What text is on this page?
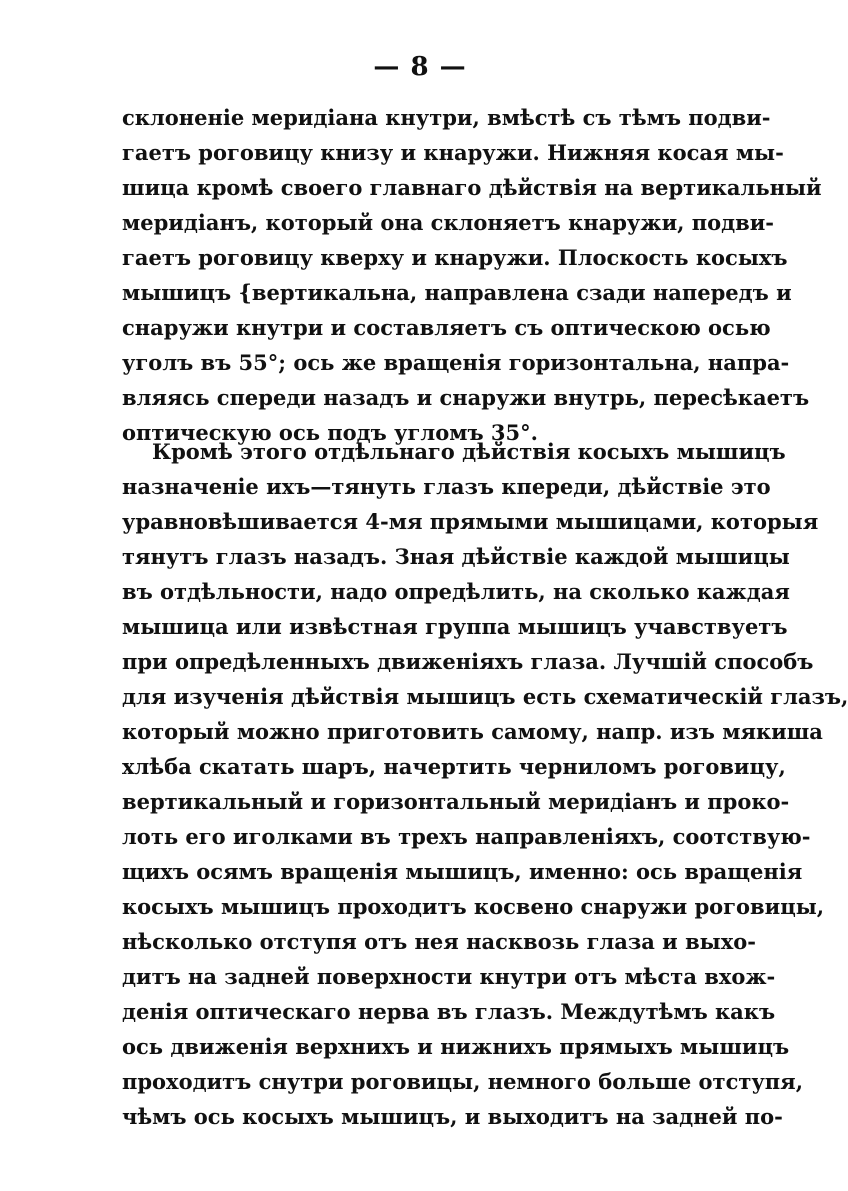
— 8 —
склоненіе меридіана кнутри, вмѣстѣ съ тѣмъ подви-
гаетъ роговицу книзу и кнаружи. Нижняя косая мы-
шица кромѣ своего главнаго дѣйствія на вертикальный
меридіанъ, который она склоняетъ кнаружи, подви-
гаетъ роговицу кверху и кнаружи. Плоскость косыхъ
мышицъ {вертикальна, направлена сзади напередъ и
снаружи кнутри и составляетъ съ оптическою осью
уголъ въ 55°; ось же вращенія горизонтальна, напра-
вляясь спереди назадъ и снаружи внутрь, пересѣкаетъ
оптическую ось подъ угломъ 35°.
Кромѣ этого отдѣльнаго дѣйствія косыхъ мышицъ
назначеніе ихъ—тянуть глазъ кпереди, дѣйствіе это
уравновѣшивается 4-мя прямыми мышицами, которыя
тянутъ глазъ назадъ. Зная дѣйствіе каждой мышицы
въ отдѣльности, надо опредѣлить, на сколько каждая
мышица или извѣстная группа мышицъ учавствуетъ
при опредѣленныхъ движеніяхъ глаза. Лучшій способъ
для изученія дѣйствія мышицъ есть схематическій глазъ,
который можно приготовить самому, напр. изъ мякиша
хлѣба скатать шаръ, начертить черниломъ роговицу,
вертикальный и горизонтальный меридіанъ и проко-
лоть его иголками въ трехъ направленіяхъ, соотствую-
щихъ осямъ вращенія мышицъ, именно: ось вращенія
косыхъ мышицъ проходитъ косвено снаружи роговицы,
нѣсколько отступя отъ нея насквозь глаза и выхо-
дитъ на задней поверхности кнутри отъ мѣста вхож-
денія оптическаго нерва въ глазъ. Междутѣмъ какъ
ось движенія верхнихъ и нижнихъ прямыхъ мышицъ
проходитъ снутри роговицы, немного больше отступя,
чѣмъ ось косыхъ мышицъ, и выходитъ на задней по-
